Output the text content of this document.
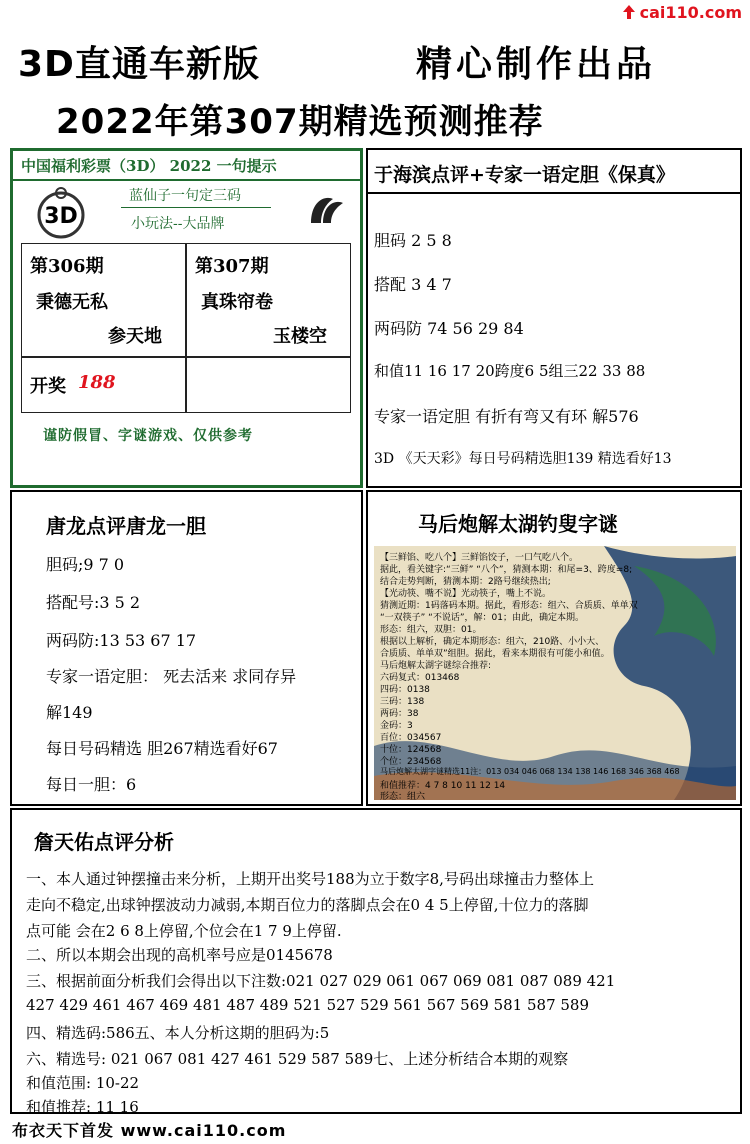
cai110.com
3D直通车新版	精心制作出品
2022年第307期精选预测推荐
中国福利彩票（3D） 2022 一句提示
3D
蓝仙子一句定三码
小玩法--大品牌
第306期
秉德无私
参天地
第307期
真珠帘卷
玉楼空
开奖 188
谨防假冒、字谜游戏、仅供参考
于海滨点评+专家一语定胆《保真》
胆码 2 5 8
搭配 3 4 7
两码防 74 56 29 84
和值11 16 17 20跨度6 5组三22 33 88
专家一语定胆 有折有弯又有环 解576
3D 《天天彩》每日号码精选胆139 精选看好13
唐龙点评唐龙一胆
胆码;9 7 0
搭配号:3 5 2
两码防:13 53 67 17
专家一语定胆： 死去活来 求同存异
解149
每日号码精选 胆267精选看好67
每日一胆：6
马后炮解太湖钓叟字谜
【三鲜馅、吃八个】三鲜馅饺子，一口气吃八个。
据此，看关键字:“三鲜” “八个”，猜测本期：和尾=3、跨度=8;
结合走势判断，猜测本期：2路号继续热出;
【光动筷、嘴不说】光动筷子，嘴上不说。
猜测近期：1码落码本期。据此，看形态：组六、合质质、单单双
“一双筷子” “不说话”，解：01；由此，确定本期。
形态：组六，双胆：01。
根据以上解析，确定本期形态：组六，210路、小小大、
合质质、单单双”组胆。据此，看来本期很有可能小和值。
马后炮解太湖字谜综合推荐:
六码复式：013468
四码：0138
三码：138
两码：38
金码：3
百位：034567
十位：124568
个位：234568
马后炮解太湖字谜精选11注：013 034 046 068 134 138 146 168 346 368 468
和值推荐：4 7 8 10 11 12 14
形态：组六
詹天佑点评分析
一、本人通过钟摆撞击来分析，上期开出奖号188为立于数字8,号码出球撞击力整体上
走向不稳定,出球钟摆波动力减弱,本期百位力的落脚点会在0 4 5上停留,十位力的落脚
点可能 会在2 6 8上停留,个位会在1 7 9上停留.
二、所以本期会出现的高机率号应是0145678
三、根据前面分析我们会得出以下注数:021 027 029 061 067 069 081 087 089 421
427 429 461 467 469 481 487 489 521 527 529 561 567 569 581 587 589
四、精选码:586五、本人分析这期的胆码为:5
六、精选号: 021 067 081 427 461 529 587 589七、上述分析结合本期的观察
和值范围: 10-22
和值推荐: 11 16
布衣天下首发 www.cai110.com
